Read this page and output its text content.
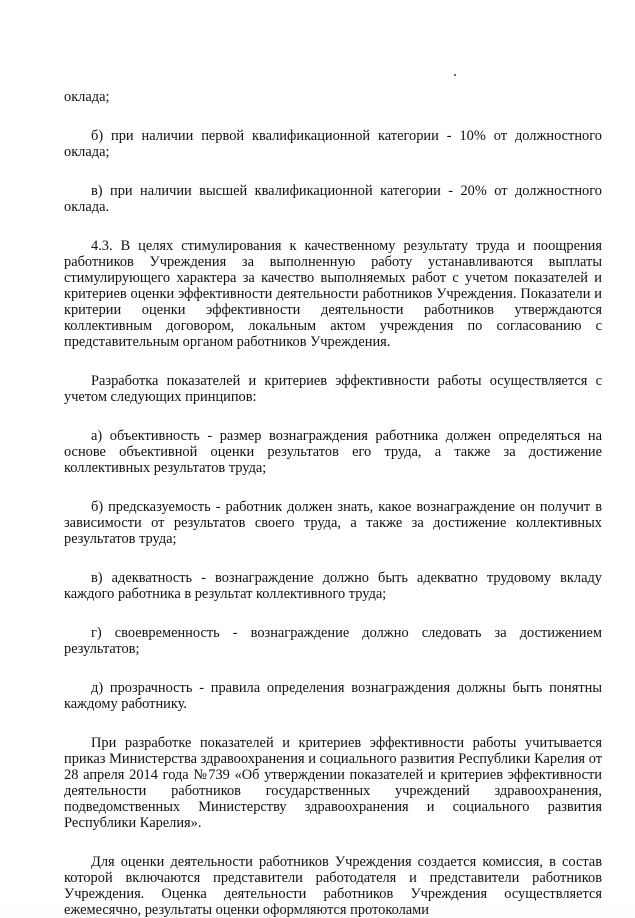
оклада;

б) при наличии первой квалификационной категории - 10% от должностного оклада;

в) при наличии высшей квалификационной категории - 20% от должностного оклада.

4.3. В целях стимулирования к качественному результату труда и поощрения работников Учреждения за выполненную работу устанавливаются выплаты стимулирующего характера за качество выполняемых работ с учетом показателей и критериев оценки эффективности деятельности работников Учреждения. Показатели и критерии оценки эффективности деятельности работников утверждаются коллективным договором, локальным актом учреждения по согласованию с представительным органом работников Учреждения.

Разработка показателей и критериев эффективности работы осуществляется с учетом следующих принципов:

а) объективность - размер вознаграждения работника должен определяться на основе объективной оценки результатов его труда, а также за достижение коллективных результатов труда;

б) предсказуемость - работник должен знать, какое вознаграждение он получит в зависимости от результатов своего труда, а также за достижение коллективных результатов труда;

в) адекватность - вознаграждение должно быть адекватно трудовому вкладу каждого работника в результат коллективного труда;

г) своевременность - вознаграждение должно следовать за достижением результатов;

д) прозрачность - правила определения вознаграждения должны быть понятны каждому работнику.

При разработке показателей и критериев эффективности работы учитывается приказ Министерства здравоохранения и социального развития Республики Карелия от 28 апреля 2014 года №739 «Об утверждении показателей и критериев эффективности деятельности работников государственных учреждений здравоохранения, подведомственных Министерству здравоохранения и социального развития Республики Карелия».

Для оценки деятельности работников Учреждения создается комиссия, в состав которой включаются представители работодателя и представители работников Учреждения. Оценка деятельности работников Учреждения осуществляется ежемесячно, результаты оценки оформляются протоколами
